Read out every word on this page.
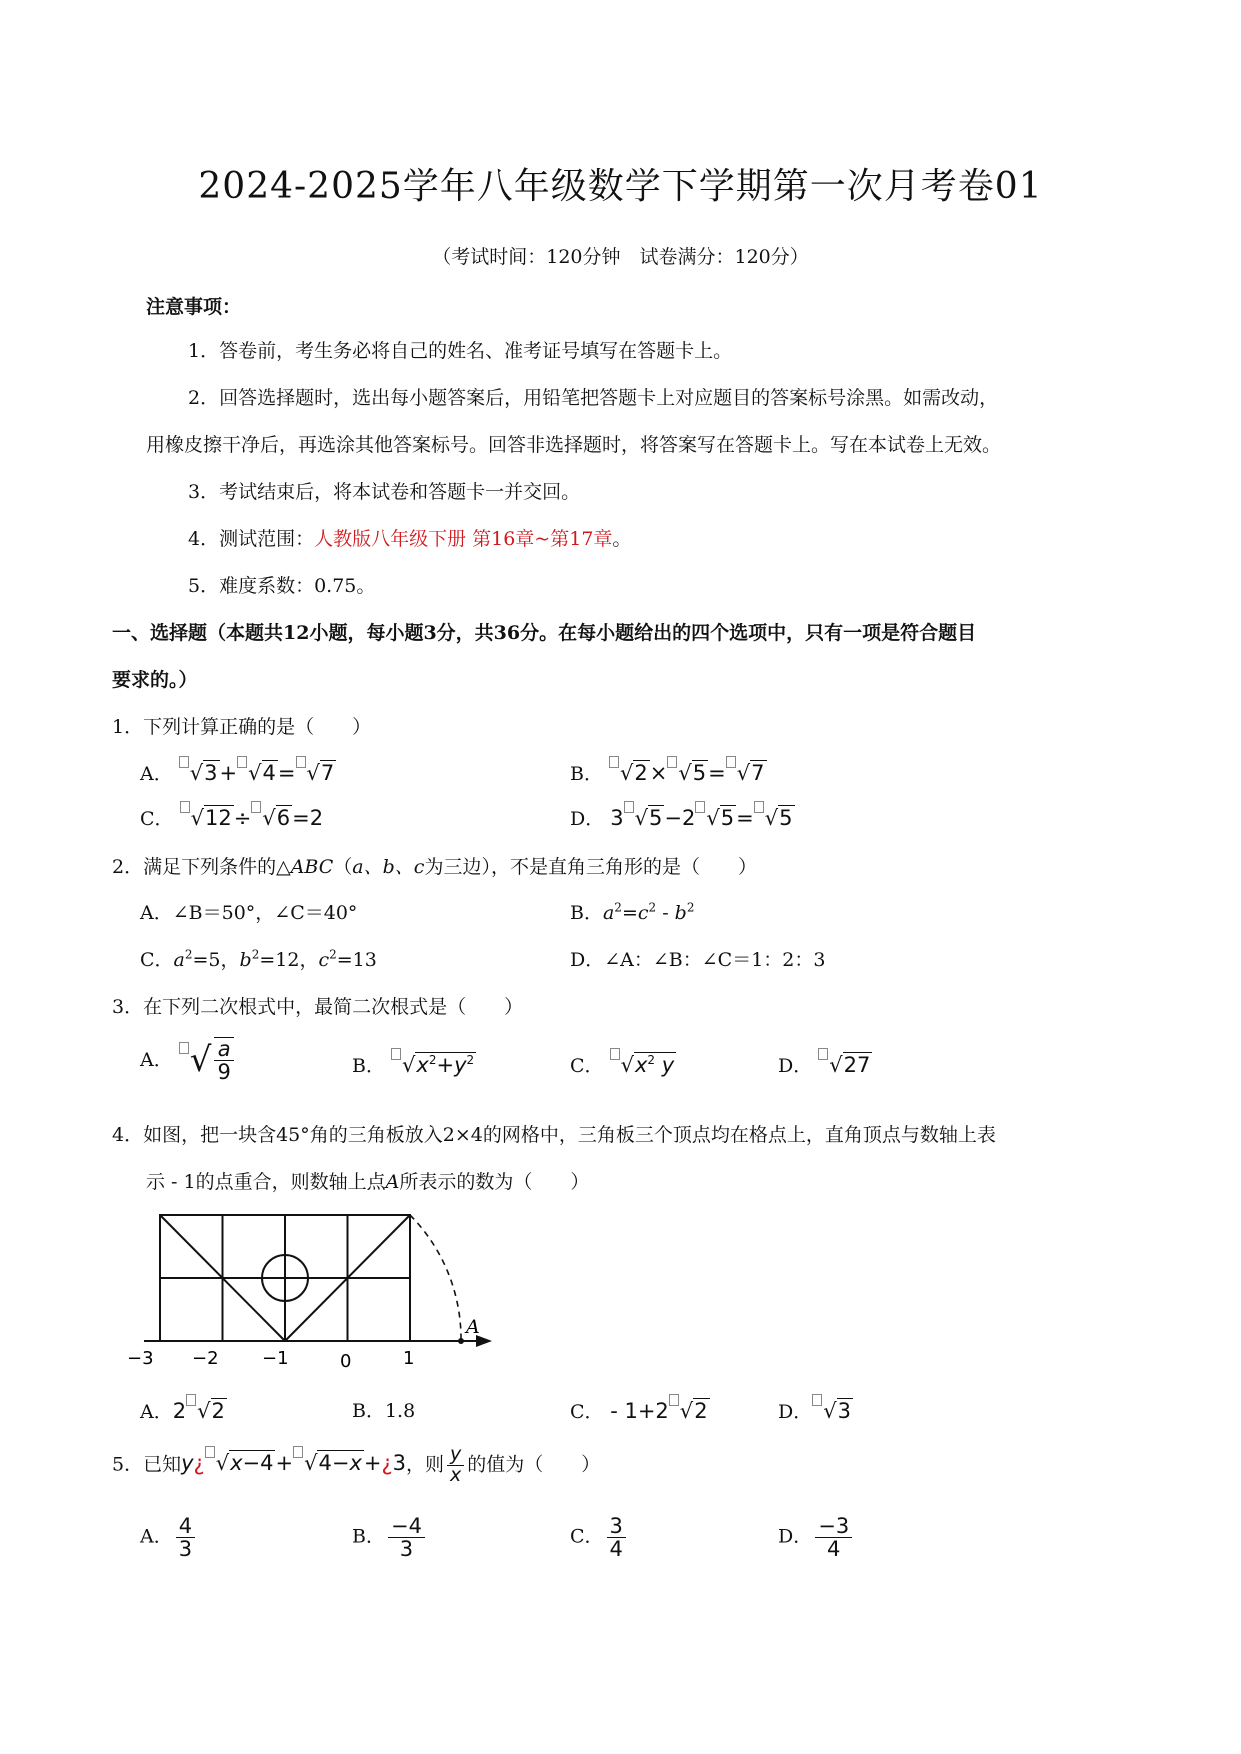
2024-2025学年八年级数学下学期第一次月考卷01
（考试时间：120分钟　试卷满分：120分）
注意事项：
1．答卷前，考生务必将自己的姓名、准考证号填写在答题卡上。
2．回答选择题时，选出每小题答案后，用铅笔把答题卡上对应题目的答案标号涂黑。如需改动，
用橡皮擦干净后，再选涂其他答案标号。回答非选择题时，将答案写在答题卡上。写在本试卷上无效。
3．考试结束后，将本试卷和答题卡一并交回。
4．测试范围：人教版八年级下册 第16章~第17章。
5．难度系数：0.75。
一、选择题（本题共12小题，每小题3分，共36分。在每小题给出的四个选项中，只有一项是符合题目
要求的。）
1．下列计算正确的是（　　）
A． √3+ √4= √7	B． √2× √5= √7
C． √12÷ √6=2	D． 3 √5−2 √5= √5
2．满足下列条件的△ABC（a、b、c为三边），不是直角三角形的是（　　）
A．∠B＝50°，∠C＝40°	B．$a^2=c^2 - b^2$
C．$a^2=5$，$b^2=12$，$c^2=13$	D．∠A：∠B：∠C＝1：2：3
3．在下列二次根式中，最简二次根式是（　　）
A． √ $\frac{a}{9}$	B． $√x^2+y^2$	C． $√x^2$ y	D． √27
4．如图，把一块含45°角的三角板放入2×4的网格中，三角板三个顶点均在格点上，直角顶点与数轴上表
示 - 1的点重合，则数轴上点A所表示的数为（　　）
A
−3 −2 −1	0	1
A．2 √2	B．1.8	C． - 1+2 √2	D． √3
5．已知y¿ √x−4+ √4−x+¿3，则 $\frac{y}{x}$ 的值为（　　）
A． $\frac{4}{3}$	B． $\frac{-4}{3}$	C． $\frac{3}{4}$	D． $\frac{-3}{4}$
